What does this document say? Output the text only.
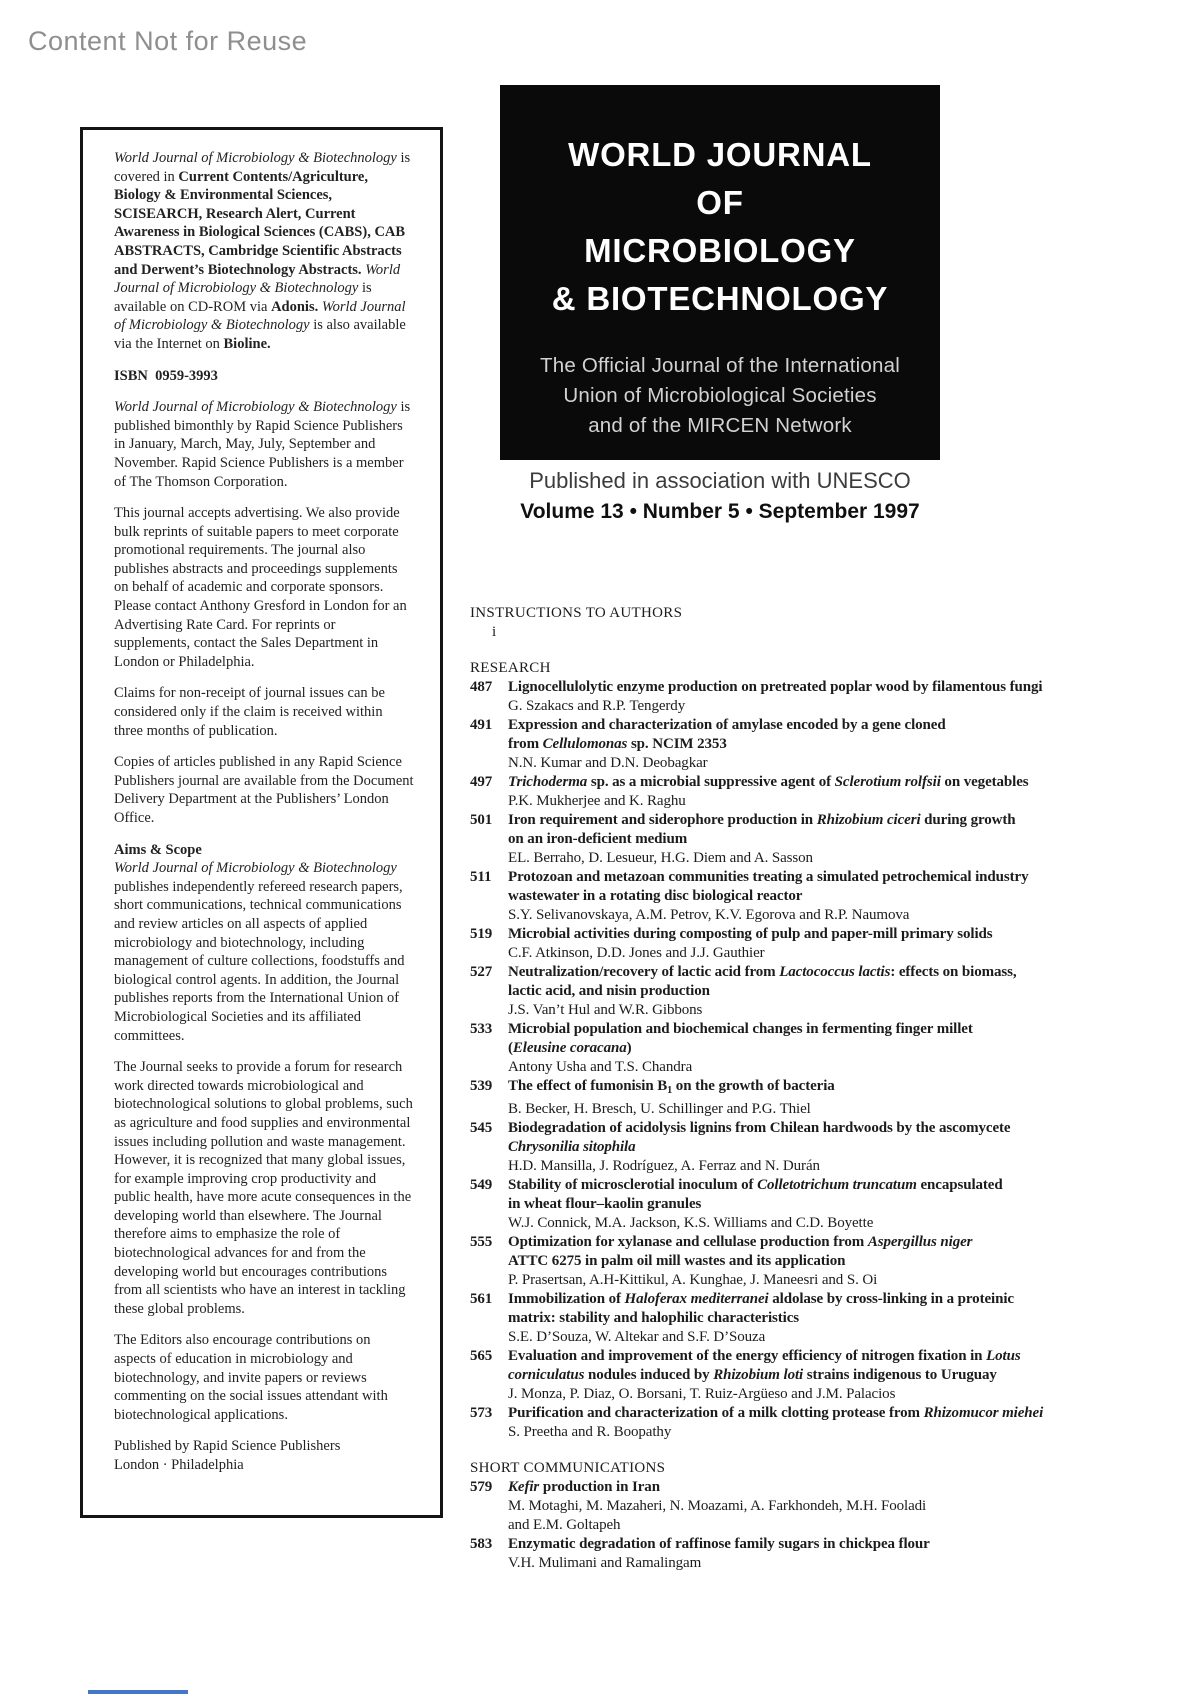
Content Not for Reuse

World Journal of Microbiology & Biotechnology is covered in Current Contents/Agriculture, Biology & Environmental Sciences, SCISEARCH, Research Alert, Current Awareness in Biological Sciences (CABS), CAB ABSTRACTS, Cambridge Scientific Abstracts and Derwent’s Biotechnology Abstracts. World Journal of Microbiology & Biotechnology is available on CD-ROM via Adonis. World Journal of Microbiology & Biotechnology is also available via the Internet on Bioline.

ISBN  0959-3993

World Journal of Microbiology & Biotechnology is published bimonthly by Rapid Science Publishers in January, March, May, July, September and November. Rapid Science Publishers is a member of The Thomson Corporation.

This journal accepts advertising. We also provide bulk reprints of suitable papers to meet corporate promotional requirements. The journal also publishes abstracts and proceedings supplements on behalf of academic and corporate sponsors. Please contact Anthony Gresford in London for an Advertising Rate Card. For reprints or supplements, contact the Sales Department in London or Philadelphia.

Claims for non-receipt of journal issues can be considered only if the claim is received within three months of publication.

Copies of articles published in any Rapid Science Publishers journal are available from the Document Delivery Department at the Publishers’ London Office.

Aims & Scope
World Journal of Microbiology & Biotechnology publishes independently refereed research papers, short communications, technical communications and review articles on all aspects of applied microbiology and biotechnology, including management of culture collections, foodstuffs and biological control agents. In addition, the Journal publishes reports from the International Union of Microbiological Societies and its affiliated committees.

The Journal seeks to provide a forum for research work directed towards microbiological and biotechnological solutions to global problems, such as agriculture and food supplies and environmental issues including pollution and waste management. However, it is recognized that many global issues, for example improving crop productivity and public health, have more acute consequences in the developing world than elsewhere. The Journal therefore aims to emphasize the role of biotechnological advances for and from the developing world but encourages contributions from all scientists who have an interest in tackling these global problems.

The Editors also encourage contributions on aspects of education in microbiology and biotechnology, and invite papers or reviews commenting on the social issues attendant with biotechnological applications.

Published by Rapid Science Publishers
London · Philadelphia

WORLD JOURNAL
OF
MICROBIOLOGY
& BIOTECHNOLOGY
The Official Journal of the International
Union of Microbiological Societies
and of the MIRCEN Network
Published in association with UNESCO
Volume 13 • Number 5 • September 1997
INSTRUCTIONS TO AUTHORS
i
RESEARCH
487	Lignocellulolytic enzyme production on pretreated poplar wood by filamentous fungi
G. Szakacs and R.P. Tengerdy
491	Expression and characterization of amylase encoded by a gene cloned
from Cellulomonas sp. NCIM 2353
N.N. Kumar and D.N. Deobagkar
497	Trichoderma sp. as a microbial suppressive agent of Sclerotium rolfsii on vegetables
P.K. Mukherjee and K. Raghu
501	Iron requirement and siderophore production in Rhizobium ciceri during growth
on an iron-deficient medium
EL. Berraho, D. Lesueur, H.G. Diem and A. Sasson
511	Protozoan and metazoan communities treating a simulated petrochemical industry
wastewater in a rotating disc biological reactor
S.Y. Selivanovskaya, A.M. Petrov, K.V. Egorova and R.P. Naumova
519	Microbial activities during composting of pulp and paper-mill primary solids
C.F. Atkinson, D.D. Jones and J.J. Gauthier
527	Neutralization/recovery of lactic acid from Lactococcus lactis: effects on biomass,
lactic acid, and nisin production
J.S. Van’t Hul and W.R. Gibbons
533	Microbial population and biochemical changes in fermenting finger millet
(Eleusine coracana)
Antony Usha and T.S. Chandra
539	The effect of fumonisin $B_1$ on the growth of bacteria
B. Becker, H. Bresch, U. Schillinger and P.G. Thiel
545	Biodegradation of acidolysis lignins from Chilean hardwoods by the ascomycete
Chrysonilia sitophila
H.D. Mansilla, J. Rodríguez, A. Ferraz and N. Durán
549	Stability of microsclerotial inoculum of Colletotrichum truncatum encapsulated
in wheat flour–kaolin granules
W.J. Connick, M.A. Jackson, K.S. Williams and C.D. Boyette
555	Optimization for xylanase and cellulase production from Aspergillus niger
ATTC 6275 in palm oil mill wastes and its application
P. Prasertsan, A.H-Kittikul, A. Kunghae, J. Maneesri and S. Oi
561	Immobilization of Haloferax mediterranei aldolase by cross-linking in a proteinic
matrix: stability and halophilic characteristics
S.E. D’Souza, W. Altekar and S.F. D’Souza
565	Evaluation and improvement of the energy efficiency of nitrogen fixation in Lotus
corniculatus nodules induced by Rhizobium loti strains indigenous to Uruguay
J. Monza, P. Diaz, O. Borsani, T. Ruiz-Argüeso and J.M. Palacios
573	Purification and characterization of a milk clotting protease from Rhizomucor miehei
S. Preetha and R. Boopathy
SHORT COMMUNICATIONS
579	Kefir production in Iran
M. Motaghi, M. Mazaheri, N. Moazami, A. Farkhondeh, M.H. Fooladi
and E.M. Goltapeh
583	Enzymatic degradation of raffinose family sugars in chickpea flour
V.H. Mulimani and Ramalingam
